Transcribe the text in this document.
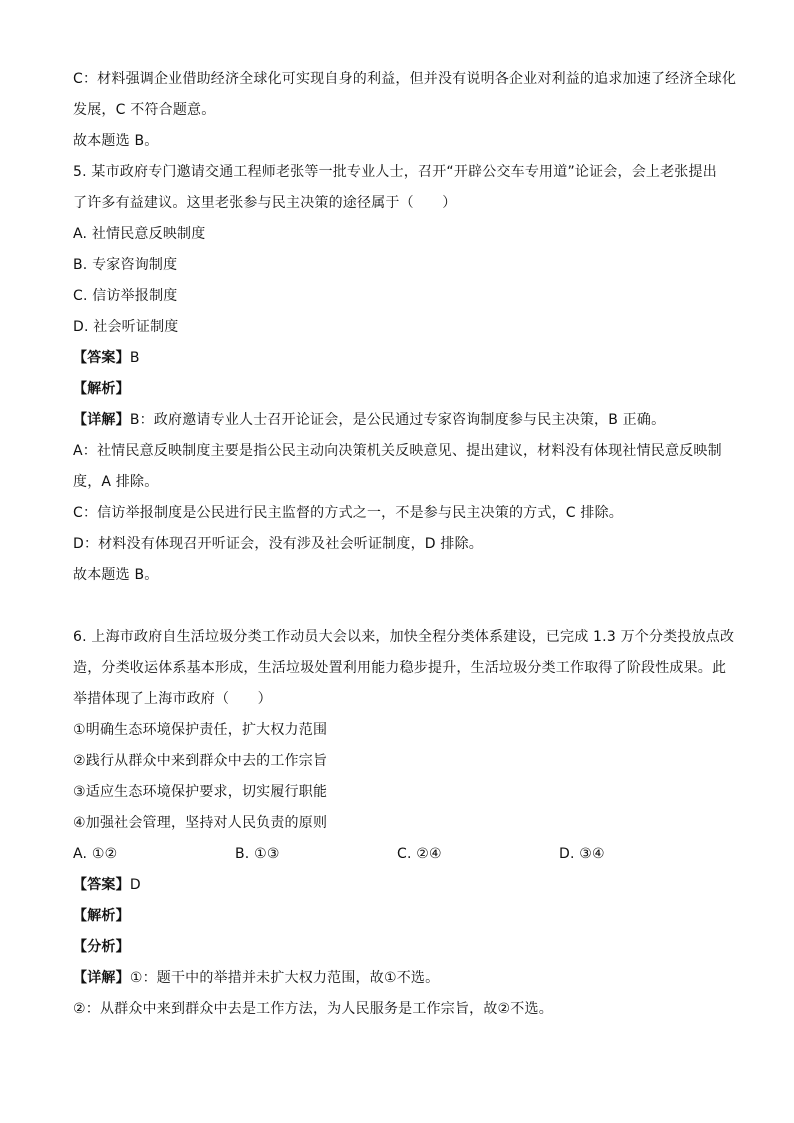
C：材料强调企业借助经济全球化可实现自身的利益，但并没有说明各企业对利益的追求加速了经济全球化
发展，C 不符合题意。
故本题选 B。
5. 某市政府专门邀请交通工程师老张等一批专业人士，召开“开辟公交车专用道”论证会，会上老张提出
了许多有益建议。这里老张参与民主决策的途径属于（　　）
A. 社情民意反映制度
B. 专家咨询制度
C. 信访举报制度
D. 社会听证制度
【答案】B
【解析】
【详解】B：政府邀请专业人士召开论证会，是公民通过专家咨询制度参与民主决策，B 正确。
A：社情民意反映制度主要是指公民主动向决策机关反映意见、提出建议，材料没有体现社情民意反映制
度，A 排除。
C：信访举报制度是公民进行民主监督的方式之一，不是参与民主决策的方式，C 排除。
D：材料没有体现召开听证会，没有涉及社会听证制度，D 排除。
故本题选 B。
6. 上海市政府自生活垃圾分类工作动员大会以来，加快全程分类体系建设，已完成 1.3 万个分类投放点改
造，分类收运体系基本形成，生活垃圾处置利用能力稳步提升，生活垃圾分类工作取得了阶段性成果。此
举措体现了上海市政府（　　）
①明确生态环境保护责任，扩大权力范围
②践行从群众中来到群众中去的工作宗旨
③适应生态环境保护要求，切实履行职能
④加强社会管理，坚持对人民负责的原则
A. ①②	B. ①③	C. ②④	D. ③④
【答案】D
【解析】
【分析】
【详解】①：题干中的举措并未扩大权力范围，故①不选。
②：从群众中来到群众中去是工作方法，为人民服务是工作宗旨，故②不选。
